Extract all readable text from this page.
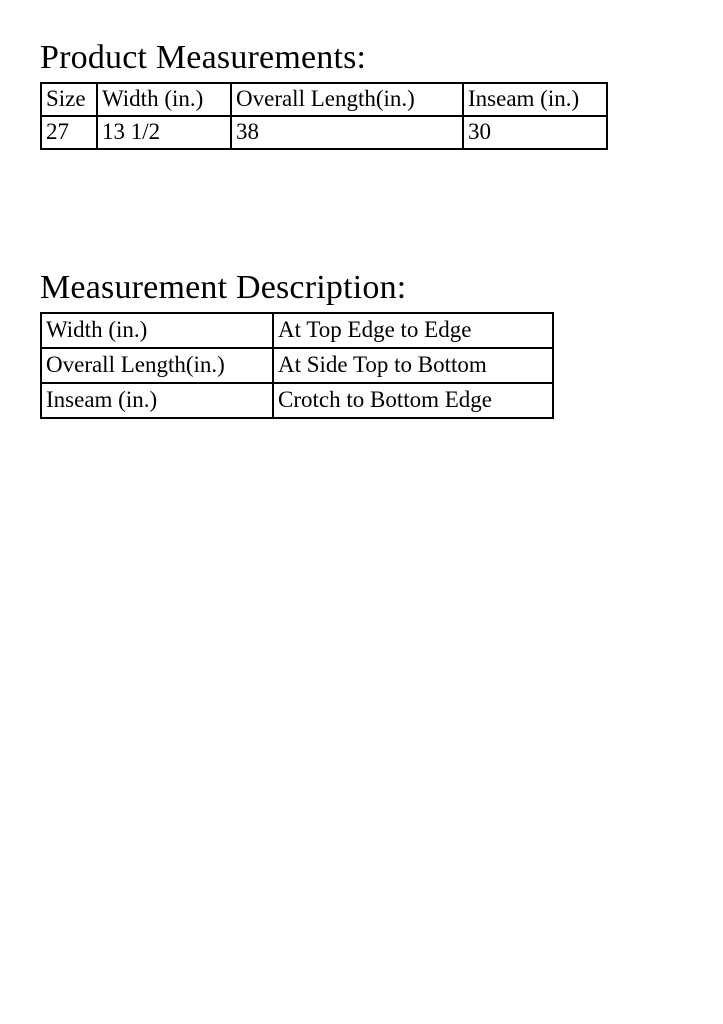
Product Measurements:
Size	Width (in.)	Overall Length(in.)	Inseam (in.)
27	13 1/2	38	30
Measurement Description:
Width (in.)	At Top Edge to Edge
Overall Length(in.)	At Side Top to Bottom
Inseam (in.)	Crotch to Bottom Edge
